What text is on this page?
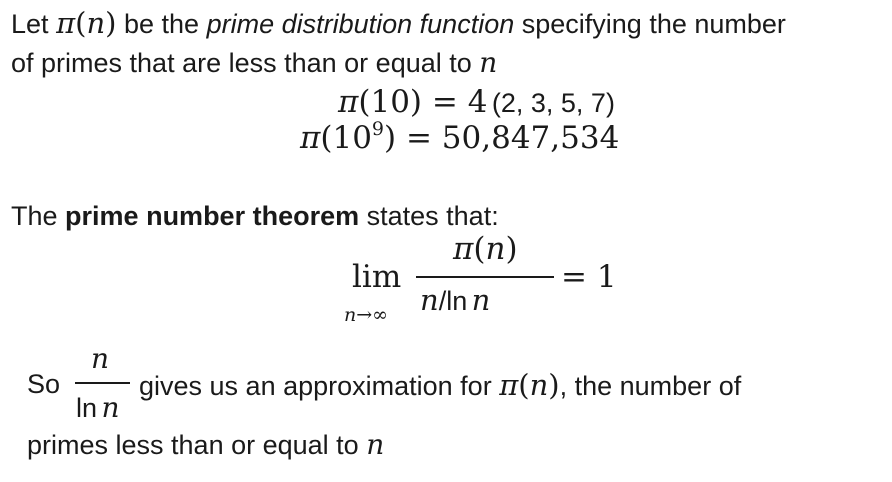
Let π(n) be the prime distribution function specifying the number
of primes that are less than or equal to n
π(10) = 4 (2, 3, 5, 7)
$\pi(10^9) = 50,847,534$
The prime number theorem states that:
lim
n→∞
π(n)
n/ln n
= 1
So
n
ln n
gives us an approximation for π(n), the number of
primes less than or equal to n
